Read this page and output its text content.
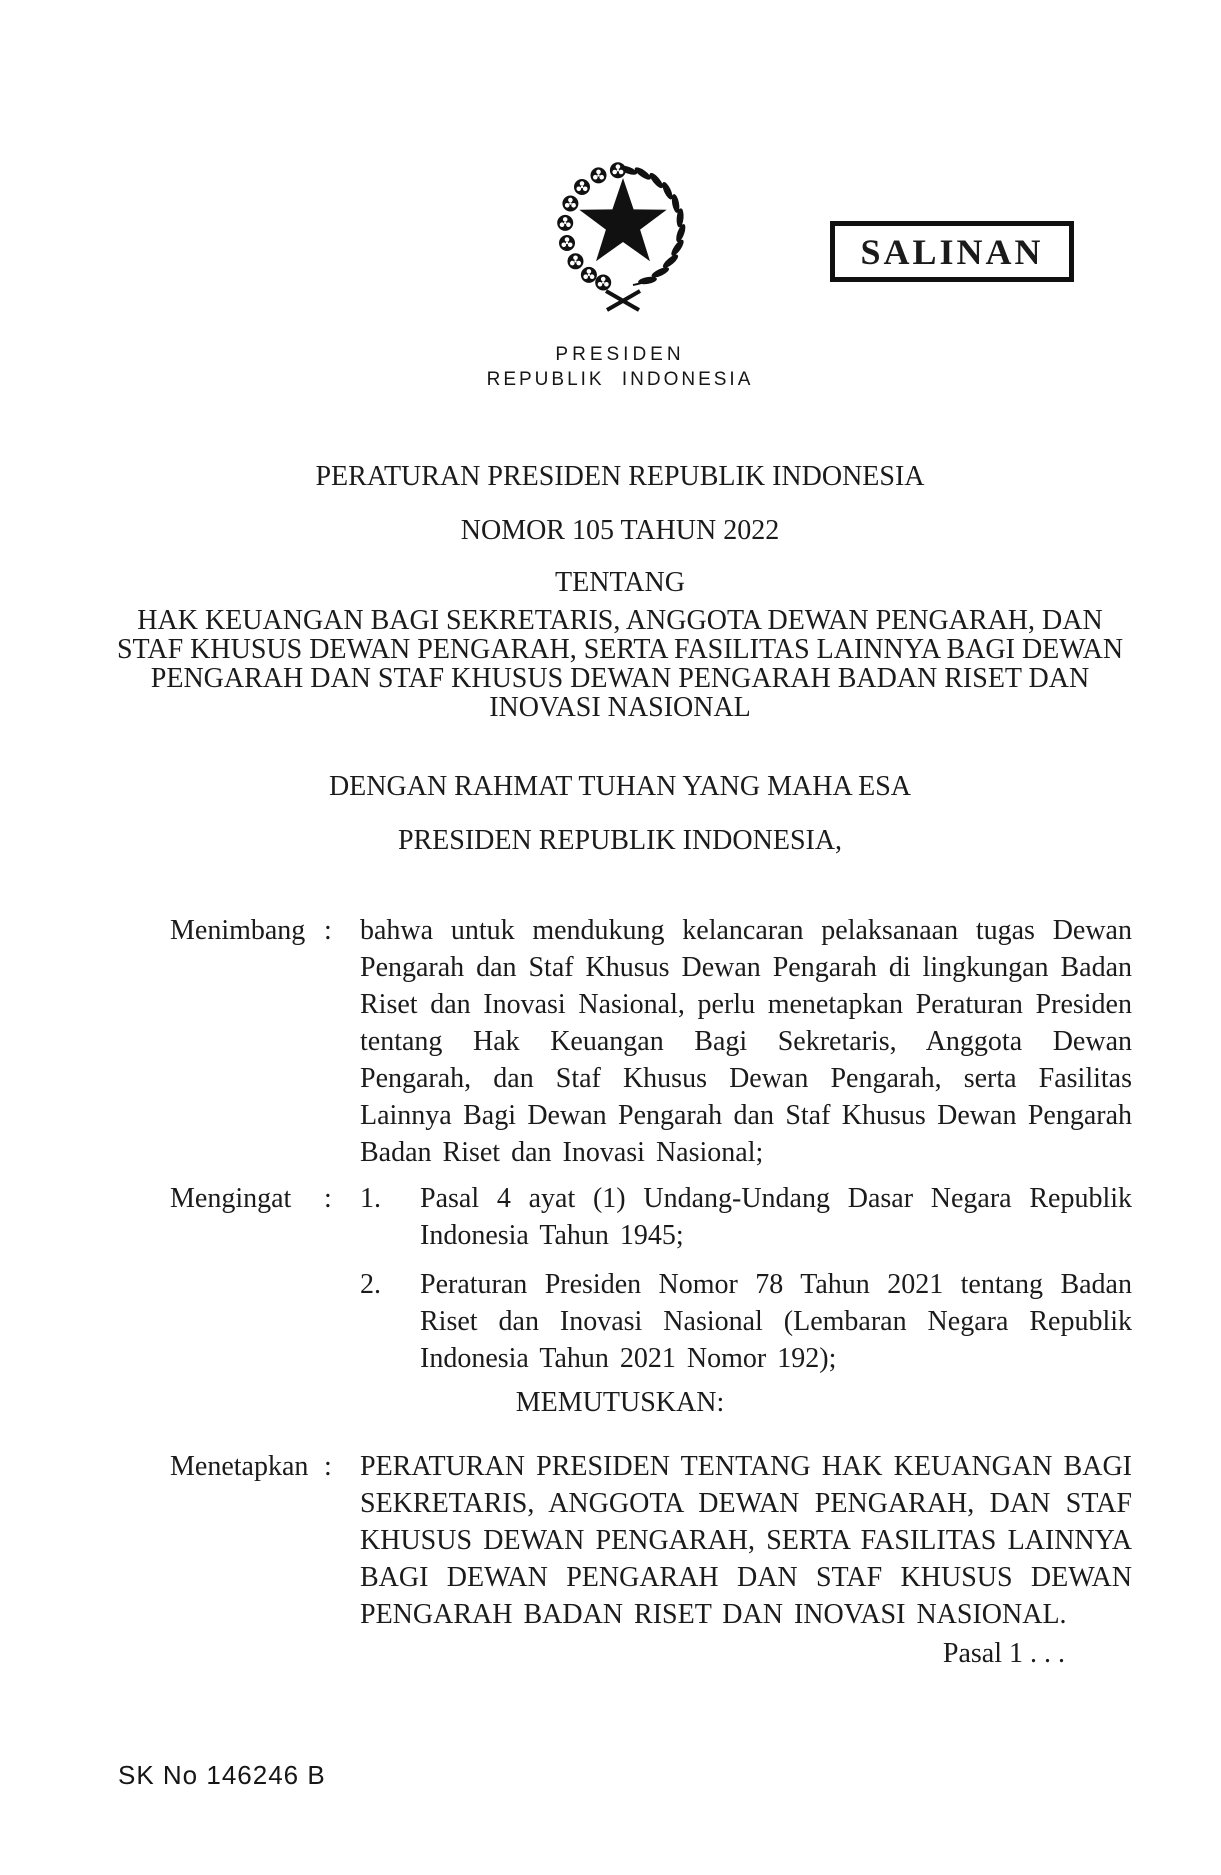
SALINAN
PRESIDEN
REPUBLIK INDONESIA
PERATURAN PRESIDEN REPUBLIK INDONESIA
NOMOR 105 TAHUN 2022
TENTANG
HAK KEUANGAN BAGI SEKRETARIS, ANGGOTA DEWAN PENGARAH, DAN
STAF KHUSUS DEWAN PENGARAH, SERTA FASILITAS LAINNYA BAGI DEWAN
PENGARAH DAN STAF KHUSUS DEWAN PENGARAH BADAN RISET DAN
INOVASI NASIONAL
DENGAN RAHMAT TUHAN YANG MAHA ESA
PRESIDEN REPUBLIK INDONESIA,
Menimbang :	bahwa untuk mendukung kelancaran pelaksanaan tugas Dewan Pengarah dan Staf Khusus Dewan Pengarah di lingkungan Badan Riset dan Inovasi Nasional, perlu menetapkan Peraturan Presiden tentang Hak Keuangan Bagi Sekretaris, Anggota Dewan Pengarah, dan Staf Khusus Dewan Pengarah, serta Fasilitas Lainnya Bagi Dewan Pengarah dan Staf Khusus Dewan Pengarah Badan Riset dan Inovasi Nasional;
Mengingat	:	1.	Pasal 4 ayat (1) Undang-Undang Dasar Negara Republik Indonesia Tahun 1945;
2.	Peraturan Presiden Nomor 78 Tahun 2021 tentang Badan Riset dan Inovasi Nasional (Lembaran Negara Republik Indonesia Tahun 2021 Nomor 192);
MEMUTUSKAN:
Menetapkan :	PERATURAN PRESIDEN TENTANG HAK KEUANGAN BAGI SEKRETARIS, ANGGOTA DEWAN PENGARAH, DAN STAF KHUSUS DEWAN PENGARAH, SERTA FASILITAS LAINNYA BAGI DEWAN PENGARAH DAN STAF KHUSUS DEWAN PENGARAH BADAN RISET DAN INOVASI NASIONAL.
Pasal 1 . . .
SK No 146246 B
